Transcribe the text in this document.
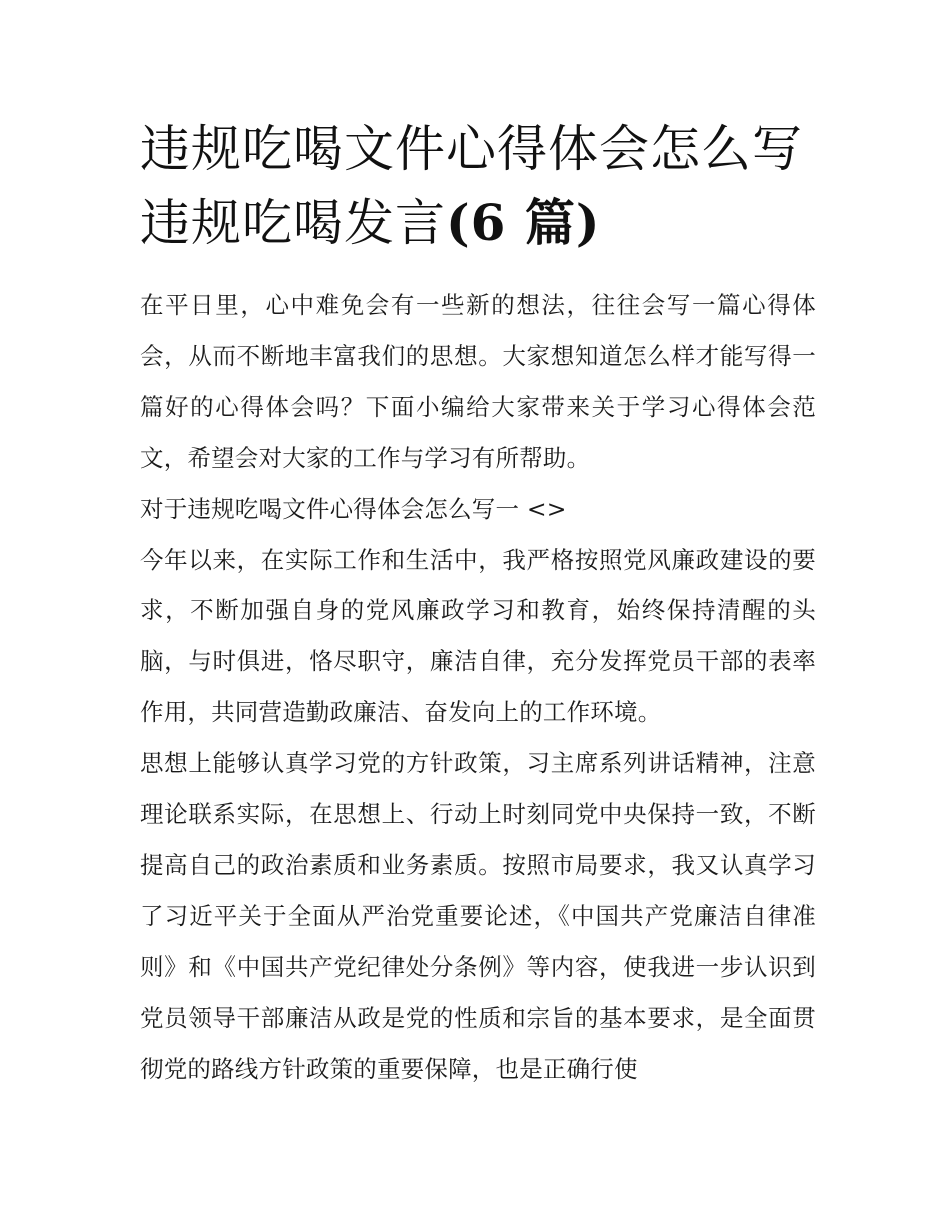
违规吃喝文件心得体会怎么写违规吃喝发言(6 篇)

在平日里，心中难免会有一些新的想法，往往会写一篇心得体会，从而不断地丰富我们的思想。大家想知道怎么样才能写得一篇好的心得体会吗？下面小编给大家带来关于学习心得体会范文，希望会对大家的工作与学习有所帮助。

对于违规吃喝文件心得体会怎么写一 <>

今年以来，在实际工作和生活中，我严格按照党风廉政建设的要求，不断加强自身的党风廉政学习和教育，始终保持清醒的头脑，与时俱进，恪尽职守，廉洁自律，充分发挥党员干部的表率作用，共同营造勤政廉洁、奋发向上的工作环境。

思想上能够认真学习党的方针政策，习主席系列讲话精神，注意理论联系实际，在思想上、行动上时刻同党中央保持一致，不断提高自己的政治素质和业务素质。按照市局要求，我又认真学习了习近平关于全面从严治党重要论述，《中国共产党廉洁自律准则》和《中国共产党纪律处分条例》等内容，使我进一步认识到党员领导干部廉洁从政是党的性质和宗旨的基本要求，是全面贯彻党的路线方针政策的重要保障，也是正确行使
